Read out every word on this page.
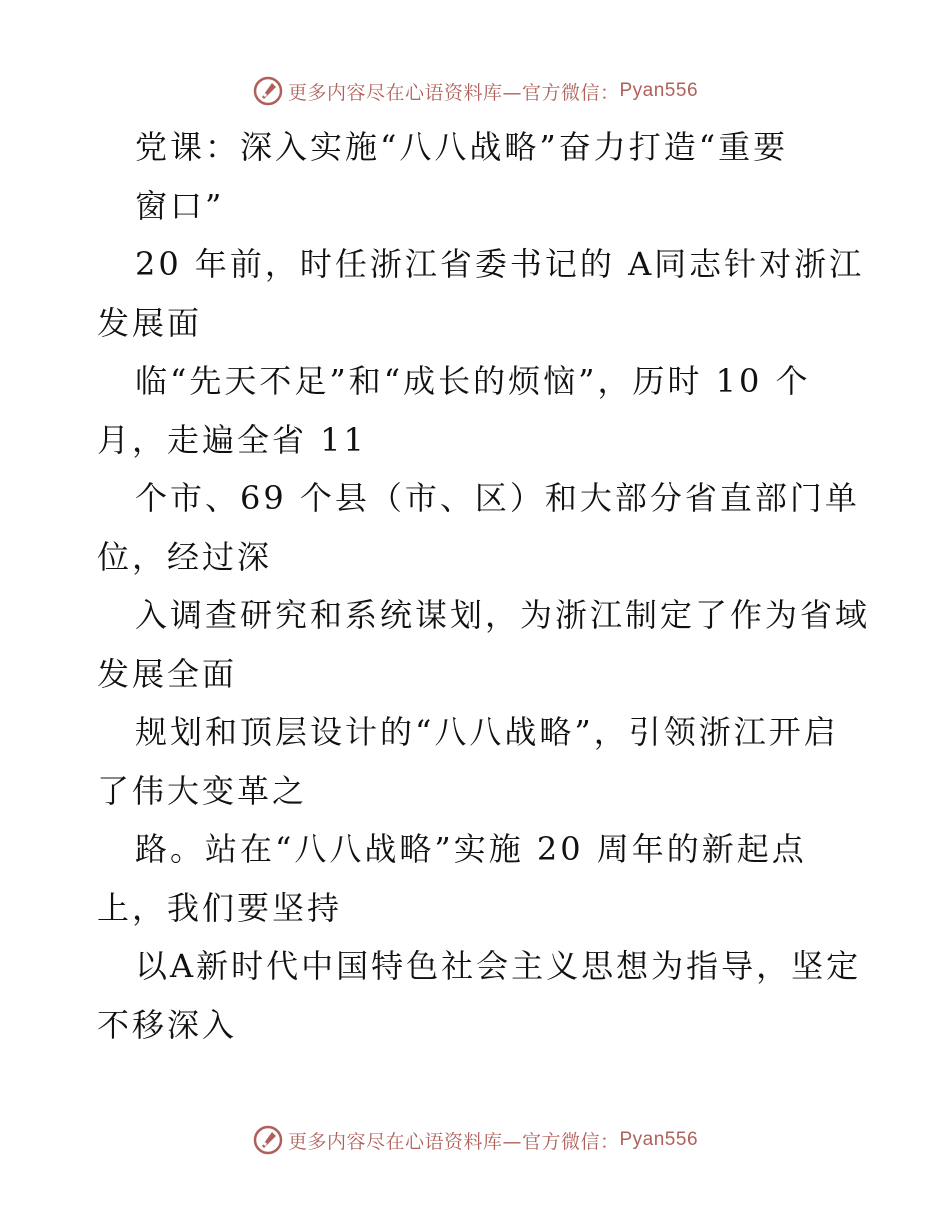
更多内容尽在心语资料库—官方微信： Pyan556
党课：深入实施“八八战略”奋力打造“重要
窗口”
20 年前，时任浙江省委书记的 A同志针对浙江
发展面
临“先天不足”和“成长的烦恼”，历时 10 个
月，走遍全省 11
个市、69 个县（市、区）和大部分省直部门单
位，经过深
入调查研究和系统谋划，为浙江制定了作为省域
发展全面
规划和顶层设计的“八八战略”，引领浙江开启
了伟大变革之
路。站在“八八战略”实施 20 周年的新起点
上，我们要坚持
以A新时代中国特色社会主义思想为指导，坚定
不移深入
更多内容尽在心语资料库—官方微信： Pyan556
